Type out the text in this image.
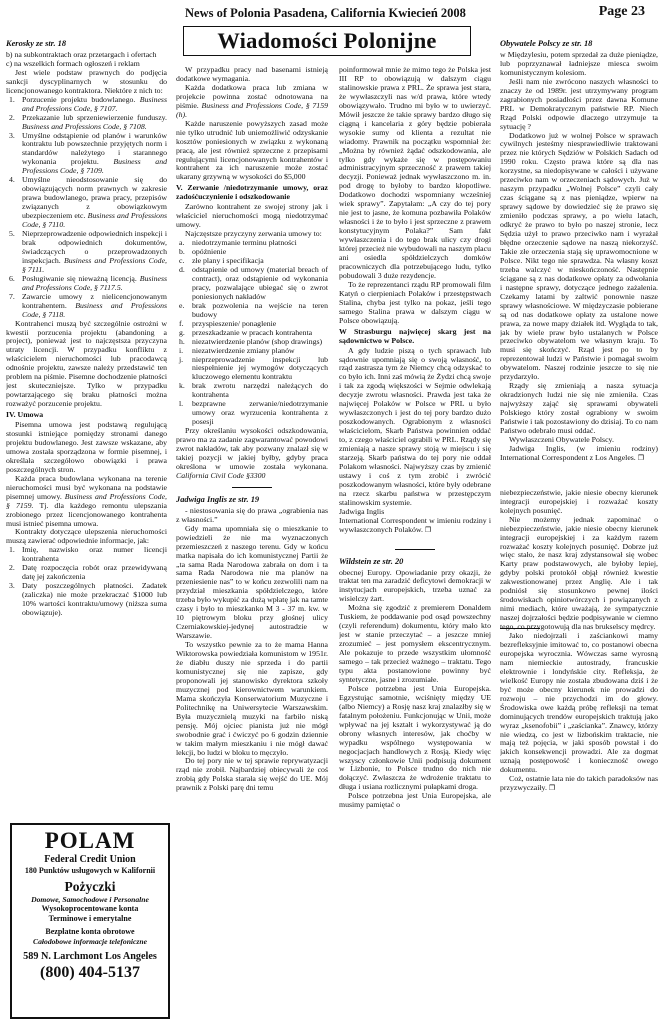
News of Polonia Pasadena, California Kwiecień 2008	Page 23
Wiadomości Polonijne
Kerosky ze str. 18

b) na subkontraktach oraz przetargach i ofertach

c) na wszelkich formach ogłoszeń i reklam

Jest wiele podstaw prawnych do podjęcia sankcji dyscyplinarnych w stosunku do licencjonowanego kontraktora. Niektóre z nich to:

1. Porzucenie projektu budowlanego. Business and Professions Code, § 7107.
2. Przekazanie lub sprzeniewierzenie funduszy. Business and Professions Code, § 7108.
3. Umyślne odstąpienie od planów i warunków kontraktu lub powszechnie przyjętych norm i standardów należytego i starannego wykonania projektu. Business and Professions Code, § 7109.
4. Umyślne nieodstosowanie się do obowiązujących norm prawnych w zakresie prawa budowlanego, prawa pracy, przepisów związanych z obowiązkowym ubezpieczeniem etc. Business and Professions Code, § 7110.
5. Nieprzeprowadzenie odpowiednich inspekcji i brak odpowiednich dokumentów, świadczących o przeprowadzonych inspekcjach. Business and Professions Code, § 7111.
6. Posługiwanie się nieważną licencją. Business and Professions Code, § 7117.5.
7. Zawarcie umowy z nielicencjonowanym kontrahentem. Business and Professions Code, § 7118.

Kontrahenci muszą być szczególnie ostrożni w kwestii porzucenia projektu (abandoning a project), ponieważ jest to najczęstsza przyczyna utraty licencji. W przypadku konfliktu z właścicielem nieruchomości lub pracodawcą odnośnie projektu, zawsze należy przedstawić ten problem na piśmie. Pisemne dochodzenie płatności jest skuteczniejsze. Tylko w przypadku powtarzającego się braku płatności można rozważyć porzucenie projektu.

IV. Umowa

Pisemna umowa jest podstawą regulującą stosunki istniejące pomiędzy stronami danego projektu budowlanego. Jest zawsze wskazane, aby umowa została sporządzona w formie pisemnej, i określała szczegółowo obowiązki i prawa poszczególnych stron.

Każda praca budowlana wykonana na terenie nieruchomości musi być wykonana na podstawie pisemnej umowy. Business and Professions Code, § 7159. Tj. dla każdego remontu ulepszania zrobionego przez licencjonowanego kontrahenta musi istnieć pisemna umowa.

Kontrakty dotyczące ulepszenia nieruchomości muszą zawierać odpowiednie informacje, jak:

1. Imię, nazwisko oraz numer licencji kontrahenta
2. Datę rozpoczęcia robót oraz przewidywaną datę jej zakończenia
3. Daty poszczególnych płatności. Zadatek (zaliczka) nie może przekraczać $1000 lub 10% wartości kontraktu/umowy (niższa suma obowiązuje).
POLAM
Federal Credit Union
180 Punktów usługowych w Kalifornii
Pożyczki
Domowe, Samochodowe i Personalne
Wysokoprocentowane konta
Terminowe i emerytalne
Bezpłatne konta obrotowe
Całodobowe informacje telefoniczne
589 N. Larchmont Los Angeles
(800) 404-5137

W przypadku pracy nad basenami istnieją dodatkowe wymagania.

Każda dodatkowa praca lub zmiana w projekcie powinna zostać odnotowana na piśmie. Business and Professions Code, § 7159 (h).

Każde naruszenie powyższych zasad może nie tylko utrudnić lub uniemożliwić odzyskanie kosztów poniesionych w związku z wykonaną pracą, ale jest również sprzeczne z przepisami regulującymi licencjonowanych kontrahentów i kontrahent za ich naruszenie może zostać ukarany grzywną w wysokości do $5,000

V. Zerwanie /niedotrzymanie umowy, oraz zadośćuczynienie i odszkodowanie

Zarówno kontrahent ze swojej strony jak i właściciel nieruchomości mogą niedotrzymać umowy.

Najczęstsze przyczyny zerwania umowy to:

a. niedotrzymanie terminu płatności
b. opóźnienie
c. złe plany i specifikacja
d. odstąpienie od umowy (material breach of contract), oraz odstąpienie od wykonania pracy, pozwalające ubiegać się o zwrot poniesionych nakładów
e. brak pozwolenia na wejście na teren budowy
f. przyspieszenie/ ponaglenie
g. przeszkadzanie w pracach kontrahenta
h. niezatwierdzenie planów (shop drawings)
i. niezatwierdzenie zmiany planów
j. nieprzeprowadzenie inspekcji lub niespełnienie jej wymogów dotyczących kluczowego elementu kontraktu
k. brak zwrotu narzędzi należących do kontrahenta
l. bezprawne zerwanie/niedotrzymanie umowy oraz wyrzucenia kontrahenta z posesji

Przy określaniu wysokości odszkodowania, prawo ma za zadanie zagwarantować powodowi zwrot nakładów, tak aby pozwany znalazł się w takiej pozycji w jakiej byłby, gdyby praca określona w umowie została wykonana. California Civil Code §3300

Jadwiga Inglis ze str. 19

- niestosowania się do prawa „ograbienia nas z własności.”

Gdy mama upomniała się o mieszkanie to powiedzieli że nie ma wyznaczonych przemieszczeń z naszego terenu. Gdy w końcu matka napisała do ich komunistycznej Partii że „ta sama Rada Narodowa zabrała on dom i ta sama Rada Narodowa nie ma planów na przeniesienie nas” to w końcu zezwolili nam na przydział mieszkania spółdzielczego, które trzeba było wykupić za dużą wpłatę jak na tamte czasy i było to mieszkanko M 3 - 37 m. kw. w 10 piętrowym bloku przy głośnej ulicy Czerniakowskiej-jedynej autostradzie w Warszawie.

To wszystko pewnie za to że mama Hanna Wiktorowska powiedziała komunistom w 1951r. że diabłu duszy nie sprzeda i do partii komunistycznej się nie zapisze, gdy proponowali jej stanowisko dyrektora szkoły muzycznej pod kierownictwem warunkiem. Mama skończyła Konserwatorium Muzyczne i Politechnikę na Uniwersytecie Warszawskim. Była muzycznielą muzyki na farbiło niską pensję. Mój ojciec pianista już nie mógł swobodnie grać i ćwiczyć po 6 godzin dziennie w takim małym mieszkaniu i nie mógł dawać lekcji, bo ludzi w bloku to męczyło.

Do tej pory nie w tej sprawie reprywatyzacji rząd nie zrobił. Najbardziej obiecywali że coś zrobią gdy Polska starała się wejść do UE. Mój prawnik z Polski parę dni temu

poinformował mnie że mimo tego że Polska jest III RP to obowiązują w dalszym ciągu stalinowskie prawa z PRL. Że sprawa jest stara, że wywłaszczyli nas w/d prawa, które wtedy obowiązywało. Trudno mi było w to uwierzyć. Mówił jeszcze że takie sprawy bardzo długo się ciągną i kancelaria z góry będzie pobierała wysokie sumy od klienta a rezultat nie wiadomy. Prawnik na początku wspomniał że: „Można by również żądać odszkodowania, ale tylko gdy wykaże się w postępowaniu administracyjnym sprzeczność z prawem takiej decyzji. Ponieważ jednak wywłaszczono m. in. pod drogę to byłoby to bardzo kłopotliwe. Dodatkowo dochodzi wspomniany wcześniej wiek sprawy”. Zapytałam: „A czy do tej pory nie jest to jasne, że komuna pozbawiła Polaków własności i że to było i jest sprzeczne z prawem konstytucyjnym Polaka?” Sam fakt wywłaszczenia i do tego brak ulicy czy drogi której przecież nie wybudowali na naszym placu ani osiedla spółdzielczych domków pracowniczych dla potrzebującego ludu, tylko pobudowali 3 duże rezydencje.

To że reprezentanci rządu RP promowali film Katyń o cierpieniach Polaków i przestępstwach Stalina, chyba jest tylko na pokaz, jeśli tego samego Stalina prawa w dalszym ciągu w Polsce obowiązują.

W Strasburgu najwięcej skarg jest na sądownictwo w Polsce.

A gdy ludzie piszą o tych sprawach lub sądownie upomniają się o swoją własność, to rząd zastrasza tym że Niemcy chcą odzyskać to co było ich. Inni zaś mówią że Żydzi chcą swoje i tak za zgodą większości w Sejmie odwlekają decyzje zwrotu własności. Prawda jest taka że najwięcej Polaków w Polsce w PRL u było wywłaszczonych i jest do tej pory bardzo dużo poszkodowanych. Ograbionym z własności właścicielom, Skarb Państwa powinnien oddać to, z czego właściciel ograbili w PRL. Rządy się zmieniają a nasze sprawy stoją w miejscu i się starzeją. Skarb państwa do tej pory nie oddał Polakom własności. Najwyższy czas by zmienić ustawy i coś z tym zrobić i zwrócić poszkodowanym własności, które były odebrane na rzecz skarbu państwa w przestępczym stalinowskim systemie.

Jadwiga Inglis

International Correspondent w imieniu rodziny i wywłaszczonych Polaków. ❐

Wildstein ze str. 20

obecnej Europy. Opowiadanie przy okazji, że traktat ten ma zaradzić deficytowi demokracji w instytucjach europejskich, trzeba uznać za wisielczy żart.

Można się zgodzić z premierem Donaldem Tuskiem, że poddawanie pod osąd powszechny (czyli referendum) dokumentu, który mało kto jest w stanie przeczytać – a jeszcze mniej zrozumieć – jest pomysłem ekscentrycznym. Ale pokazuje to przede wszystkim ułomność samego – tak przecież ważnego – traktatu. Tego typu akta postanowione powinny być syntetyczne, jasne i zrozumiałe.

Polsce potrzebna jest Unia Europejska. Egzystując samotnie, wciśnięty między UE (albo Niemcy) a Rosję nasz kraj znalazłby się w fatalnym położeniu. Funkcjonując w Unii, może wpływać na jej kształt i wykorzystywać ją do obrony własnych interesów, jak choćby w wypadku wspólnego występowania w negocjacjach handlowych z Rosją. Kiedy więc wszyscy członkowie Unii podpisują dokument w Lizbonie, to Polsce trudno do nich nie dołączyć. Zwłaszcza że wdrożenie traktatu to długa i usiana rozlicznymi pułapkami droga.

Polsce potrzebna jest Unia Europejska, ale musimy pamiętać o

Obywatele Polscy ze str. 18

w Międzylesiu, potem sprzedał za duże pieniądze, lub poprzyznawał ładniejsze miesca swoim komunistycznym kolesiom.

Jeśli nam nie zwrócono naszych własności to znaczy że od 1989r. jest utrzymywany program zagrabionych posiadłości przez dawna Komune PRL w Demokratycznym państwie RP. Niech Rząd Polski odpowie dlaczego utrzymuje ta sytuację ?

Dodatkowo już w wolnej Polsce w sprawach cywilnych jesteśmy niesprawiedliwie traktowani przez nie których Sędziów w Polskich Sadach od 1990 roku. Często prawa które są dla nas korzystne, sa niedopisywane w całości i używane przeciwko nam w orzeczeniach sądowych. Już w naszym przypadku „Wolnej Polsce” czyli cały czas ściągane są z nas pieniądze, wpierw na sprawy sądowe by dowiedzieć się że prawo się zmieniło podczas sprawy, a po wielu latach, odkryć że prawo to było po naszej stronie, lecz Sędzia użył to prawo przeciwko nam i wyrażał błędne orzeczenie sądowe na naszą niekorzyść. Takie złe orzeczenia stają się uprawomocnione w Polsce. Nikt tego nie sprawdza. Na własny koszt trzeba walczyć w nieskończoność. Następnie ściągane są z nas dodatkowe opłaty za odwołania i następne sprawy, dotyczące jednego zażalenia. Czekamy latami by zaltwić ponownie nasze sprawy własnościowe. W międzyczasie pobierane są od nas dodatkowe opłaty za ustalone nowe prawa, za nowe mapy działek itd. Wygląda to tak, jak by wiele praw było ustalanych w Polsce przeciwko obywatelom we własnym kraju. To musi się skończyć. Rząd jest po to by reprezentował ludzi w Państwie i pomagał swoim obywatelom. Naszej rodzinie jeszcze to się nie przydarzyło.

Rządy się zmieniają a nasza sytuacja okradzionych ludzi nie się nie zmieniła. Czas najwyższy zająć się sprawami obywateli Polskiego który został ograbiony w swoim Państwie i tak pozostawiony do dzisiaj. To co nam Państwo odebrało musi oddać.

Wywłaszczeni Obywatele Polscy.

Jadwiga Inglis, (w imieniu rodziny) International Correspondent z Los Angeles. ❐

niebezpieczeństwie, jakie niesie obecny kierunek integracji europejskiej i rozważać koszty kolejnych posunięć.

Nie możemy jednak zapominać o niebezpieczeństwie, jakie niesie obecny kierunek integracji europejskiej i za każdym razem rozważać koszty kolejnych posunięć. Dobrze już więc stało, że nasz kraj zdystansował się wobec Karty praw podstawowych, ale byłoby lepiej, gdyby polski protokół objął również kwestie zakwestionowanej przez Anglię. Ale i tak podniósł się stosunkowo pewnej ilości środowiskach opiniotwórczych i powiązanych z nimi mediach, które uważają, że sympatycznie naszej dojrzałości będzie podpisywanie w ciemno tego, co przygotowują dla nas brukselscy mędrcy.

Jako niedojrzali i zaściankowi mamy bezrefleksyjnie imitować to, co postanowi obecna europejska wyrocznia. Wówczas same wyrosną nam niemieckie autostrady, francuskie elektrownie i londyńskie city. Refleksja, że wielkość Europy nie została zbudowana dziś i że być może obecny kierunek nie prowadzi do rozwoju – nie przychodzi im do głowy. Środowiska owe każdą próbę refleksji na temat dominujących trendów europejskich traktują jako wyraz „ksenofobii” i „zaścianka”. Znawcy, którzy nie wiedzą, co jest w lizbońskim traktacie, nie mają też pojęcia, w jaki sposób powstał i do jakich konsekwencji prowadzi. Ale za dogmat uznają postępowość i konieczność owego dokumentu.

Coż, ostatnie lata nie do takich paradoksów nas przyzwyczaiły. ❐
